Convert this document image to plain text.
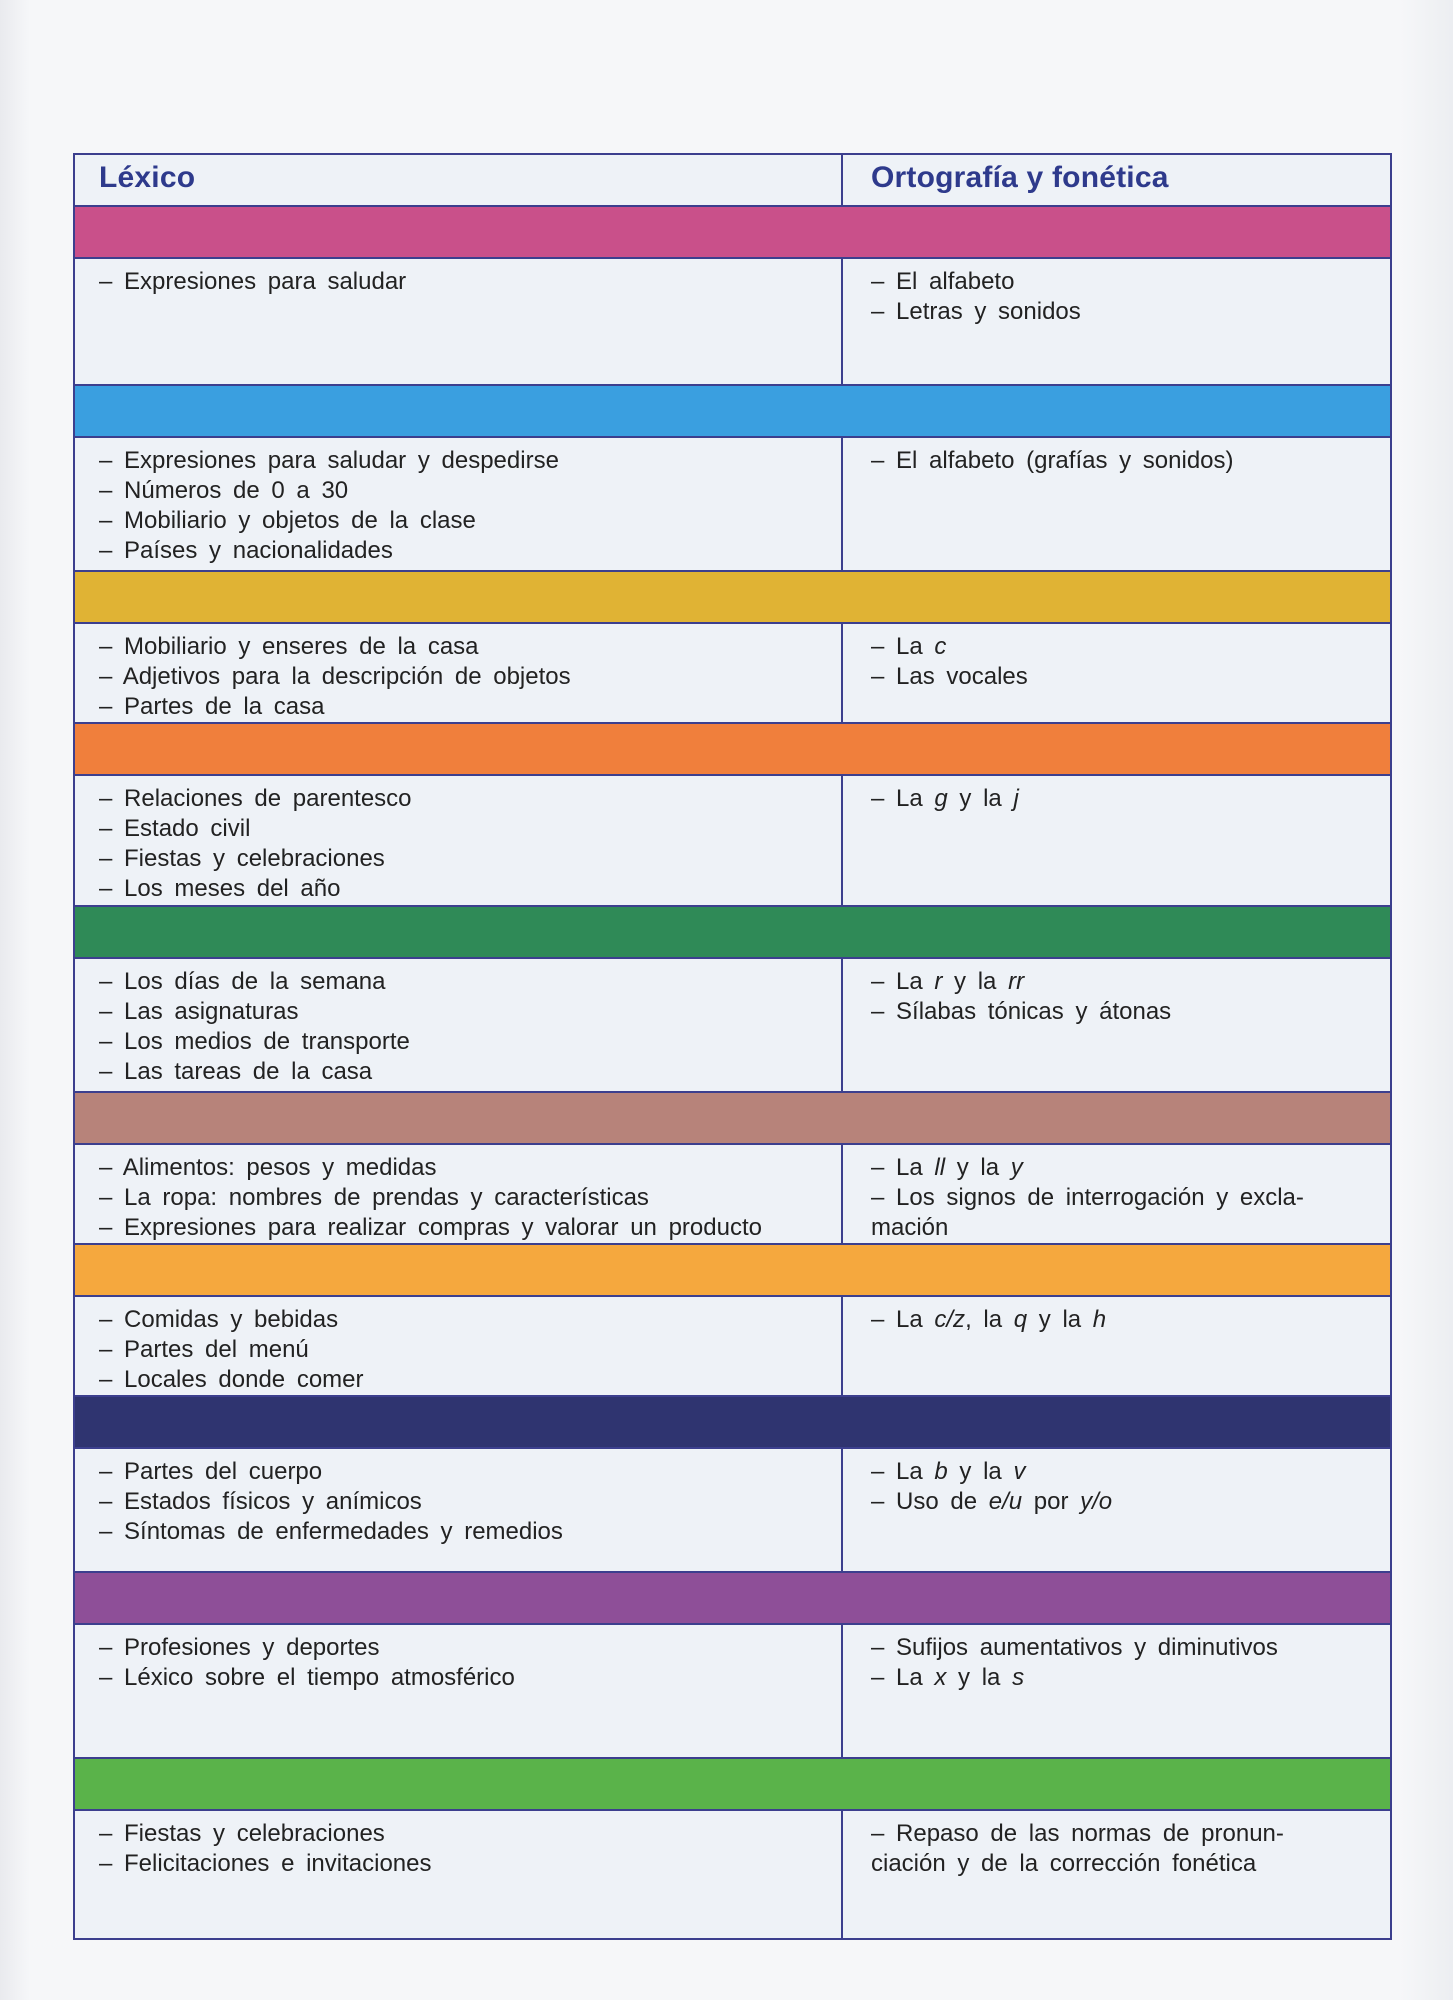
Léxico	Ortografía y fonética
– Expresiones para saludar	– El alfabeto
– Letras y sonidos
– Expresiones para saludar y despedirse
– Números de 0 a 30
– Mobiliario y objetos de la clase
– Países y nacionalidades
– El alfabeto (grafías y sonidos)
– Mobiliario y enseres de la casa
– Adjetivos para la descripción de objetos
– Partes de la casa
– La c
– Las vocales
– Relaciones de parentesco
– Estado civil
– Fiestas y celebraciones
– Los meses del año
– La g y la j
– Los días de la semana
– Las asignaturas
– Los medios de transporte
– Las tareas de la casa
– La r y la rr
– Sílabas tónicas y átonas
– Alimentos: pesos y medidas
– La ropa: nombres de prendas y características
– Expresiones para realizar compras y valorar un producto
– La ll y la y
– Los signos de interrogación y excla-
mación
– Comidas y bebidas
– Partes del menú
– Locales donde comer
– La c/z, la q y la h
– Partes del cuerpo
– Estados físicos y anímicos
– Síntomas de enfermedades y remedios
– La b y la v
– Uso de e/u por y/o
– Profesiones y deportes
– Léxico sobre el tiempo atmosférico
– Sufijos aumentativos y diminutivos
– La x y la s
– Fiestas y celebraciones
– Felicitaciones e invitaciones
– Repaso de las normas de pronun-
ciación y de la corrección fonética
